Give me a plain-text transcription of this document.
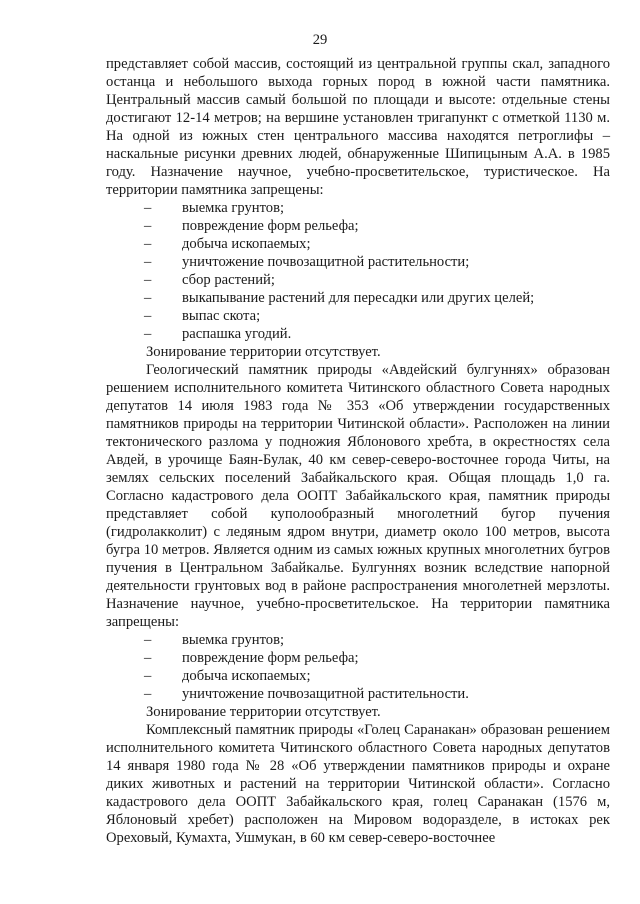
29

представляет собой массив, состоящий из центральной группы скал, западного останца и небольшого выхода горных пород в южной части памятника. Центральный массив самый большой по площади и высоте: отдельные стены достигают 12-14 метров; на вершине установлен тригапункт с отметкой 1130 м. На одной из южных стен центрального массива находятся петроглифы – наскальные рисунки древних людей, обнаруженные Шипицыным А.А. в 1985 году. Назначение научное, учебно-просветительское, туристическое. На территории памятника запрещены:

– выемка грунтов;
– повреждение форм рельефа;
– добыча ископаемых;
– уничтожение почвозащитной растительности;
– сбор растений;
– выкапывание растений для пересадки или других целей;
– выпас скота;
– распашка угодий.

Зонирование территории отсутствует.

Геологический памятник природы «Авдейский булгуннях» образован решением исполнительного комитета Читинского областного Совета народных депутатов 14 июля 1983 года № 353 «Об утверждении государственных памятников природы на территории Читинской области». Расположен на линии тектонического разлома у подножия Яблонового хребта, в окрестностях села Авдей, в урочище Баян-Булак, 40 км север-северо-восточнее города Читы, на землях сельских поселений Забайкальского края. Общая площадь 1,0 га. Согласно кадастрового дела ООПТ Забайкальского края, памятник природы представляет собой куполообразный многолетний бугор пучения (гидролакколит) с ледяным ядром внутри, диаметр около 100 метров, высота бугра 10 метров. Является одним из самых южных крупных многолетних бугров пучения в Центральном Забайкалье. Булгуннях возник вследствие напорной деятельности грунтовых вод в районе распространения многолетней мерзлоты. Назначение научное, учебно-просветительское. На территории памятника запрещены:

– выемка грунтов;
– повреждение форм рельефа;
– добыча ископаемых;
– уничтожение почвозащитной растительности.

Зонирование территории отсутствует.

Комплексный памятник природы «Голец Саранакан» образован решением исполнительного комитета Читинского областного Совета народных депутатов 14 января 1980 года № 28 «Об утверждении памятников природы и охране диких животных и растений на территории Читинской области». Согласно кадастрового дела ООПТ Забайкальского края, голец Саранакан (1576 м, Яблоновый хребет) расположен на Мировом водоразделе, в истоках рек Ореховый, Кумахта, Ушмукан, в 60 км север-северо-восточнее
